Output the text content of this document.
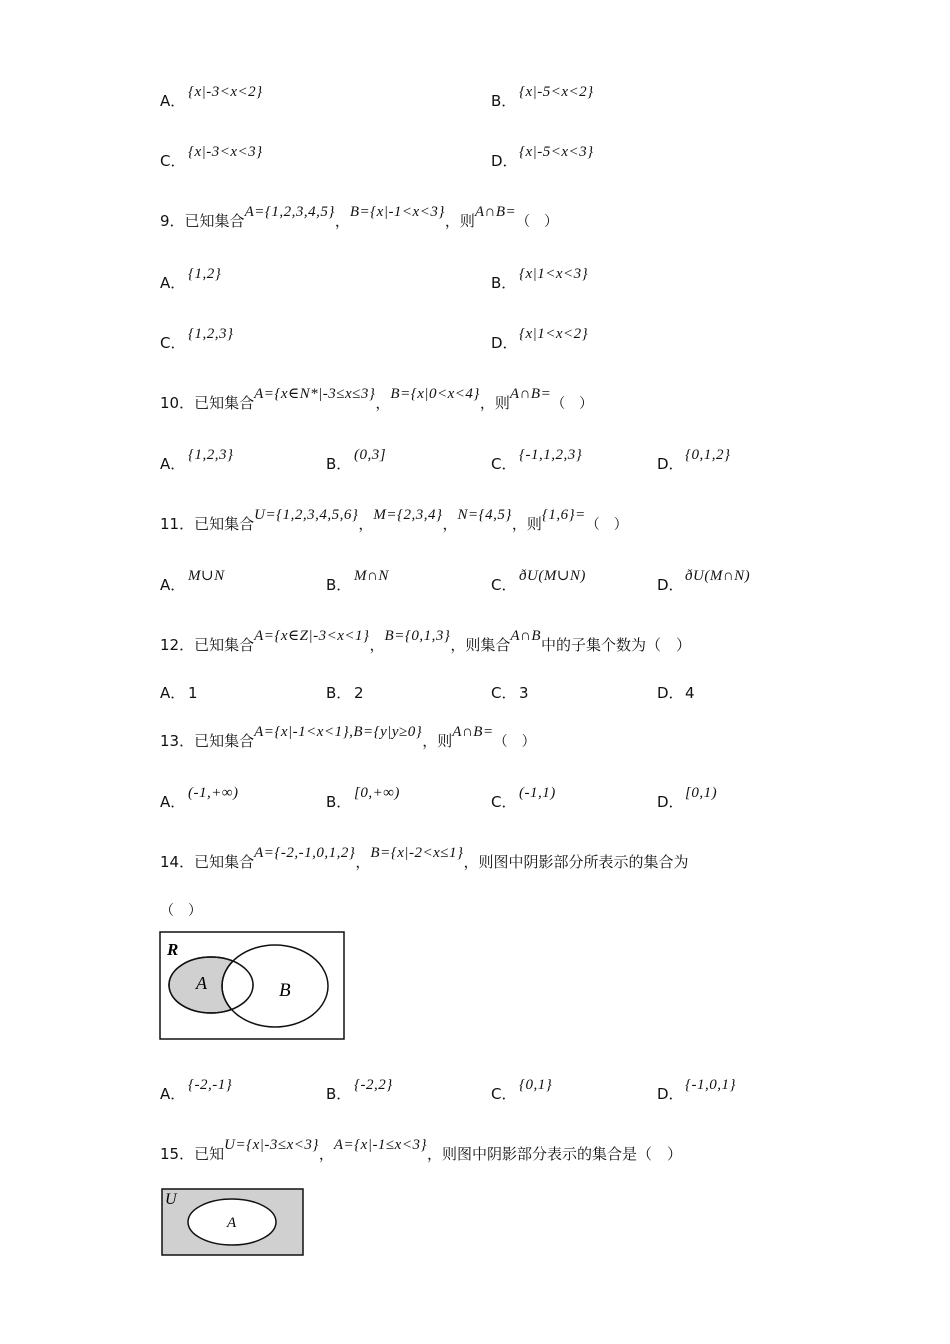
A． {x|-3<x<2}	B． {x|-5<x<2}
C． {x|-3<x<3}	D．{x|-5<x<3}
9．已知集合A={1,2,3,4,5}，B={x|-1<x<3}，则A∩B=（　）
A． {1,2}	B． {x|1<x<3}
C． {1,2,3}	D．{x|1<x<2}
10．已知集合A={x∈N*|-3≤x≤3}，B={x|0<x<4}，则A∩B=（　）
A． {1,2,3}	B． (0,3]	C． {-1,1,2,3}	D．{0,1,2}
11．已知集合U={1,2,3,4,5,6}，M={2,3,4}，N={4,5}，则{1,6}=（　）
A． M∪N	B． M∩N	C． ðU(M∪N)	D．ðU(M∩N)
12．已知集合A={x∈Z|-3<x<1}，B={0,1,3}，则集合A∩B中的子集个数为（　）
A． 1	B． 2	C． 3	D．4
13．已知集合A={x|-1<x<1},B={y|y≥0}，则A∩B=（　）
A． (-1,+∞)	B． [0,+∞)	C． (-1,1)	D．[0,1)
14．已知集合A={-2,-1,0,1,2}，B={x|-2<x≤1}，则图中阴影部分所表示的集合为
（　）
R
A	B
A． {-2,-1}	B． {-2,2}	C． {0,1}	D．{-1,0,1}
15．已知U={x|-3≤x<3}，A={x|-1≤x<3}，则图中阴影部分表示的集合是（　）
U
A
